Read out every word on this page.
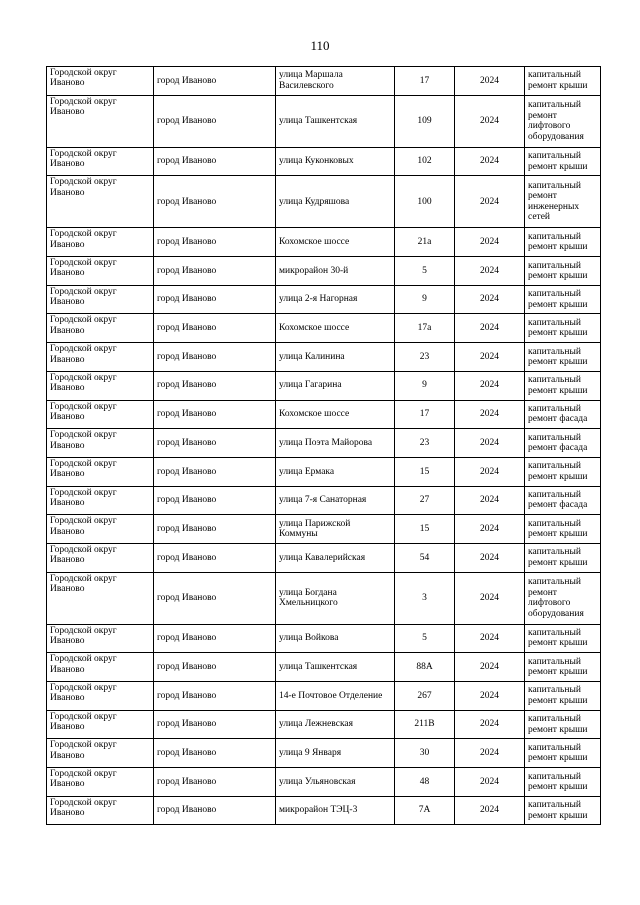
110
Городской округ Иваново	город Иваново	улица Маршала Василевского	17	2024	капитальный ремонт крыши
Городской округ Иваново	город Иваново	улица Ташкентская	109	2024	капитальный ремонт лифтового оборудования
Городской округ Иваново	город Иваново	улица Куконковых	102	2024	капитальный ремонт крыши
Городской округ Иваново	город Иваново	улица Кудряшова	100	2024	капитальный ремонт инженерных сетей
Городской округ Иваново	город Иваново	Кохомское шоссе	21а	2024	капитальный ремонт крыши
Городской округ Иваново	город Иваново	микрорайон 30-й	5	2024	капитальный ремонт крыши
Городской округ Иваново	город Иваново	улица 2-я Нагорная	9	2024	капитальный ремонт крыши
Городской округ Иваново	город Иваново	Кохомское шоссе	17а	2024	капитальный ремонт крыши
Городской округ Иваново	город Иваново	улица Калинина	23	2024	капитальный ремонт крыши
Городской округ Иваново	город Иваново	улица Гагарина	9	2024	капитальный ремонт крыши
Городской округ Иваново	город Иваново	Кохомское шоссе	17	2024	капитальный ремонт фасада
Городской округ Иваново	город Иваново	улица Поэта Майорова	23	2024	капитальный ремонт фасада
Городской округ Иваново	город Иваново	улица Ермака	15	2024	капитальный ремонт крыши
Городской округ Иваново	город Иваново	улица 7-я Санаторная	27	2024	капитальный ремонт фасада
Городской округ Иваново	город Иваново	улица Парижской Коммуны	15	2024	капитальный ремонт крыши
Городской округ Иваново	город Иваново	улица Кавалерийская	54	2024	капитальный ремонт крыши
Городской округ Иваново	город Иваново	улица Богдана Хмельницкого	3	2024	капитальный ремонт лифтового оборудования
Городской округ Иваново	город Иваново	улица Войкова	5	2024	капитальный ремонт крыши
Городской округ Иваново	город Иваново	улица Ташкентская	88А	2024	капитальный ремонт крыши
Городской округ Иваново	город Иваново	14-е Почтовое Отделение	267	2024	капитальный ремонт крыши
Городской округ Иваново	город Иваново	улица Лежневская	211В	2024	капитальный ремонт крыши
Городской округ Иваново	город Иваново	улица 9 Января	30	2024	капитальный ремонт крыши
Городской округ Иваново	город Иваново	улица Ульяновская	48	2024	капитальный ремонт крыши
Городской округ Иваново	город Иваново	микрорайон ТЭЦ-3	7А	2024	капитальный ремонт крыши
